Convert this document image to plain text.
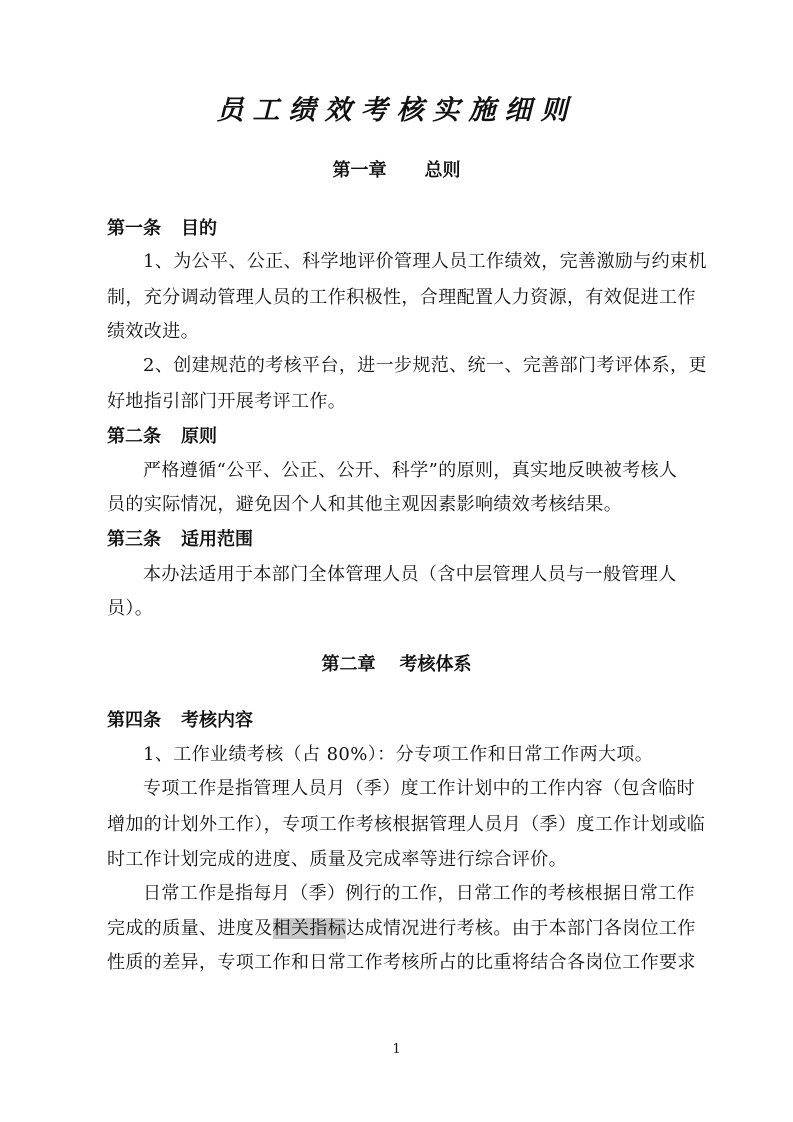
员工绩效考核实施细则
第一章 总则
第一条 目的
1、为公平、公正、科学地评价管理人员工作绩效，完善激励与约束机
制，充分调动管理人员的工作积极性，合理配置人力资源，有效促进工作
绩效改进。
2、创建规范的考核平台，进一步规范、统一、完善部门考评体系，更
好地指引部门开展考评工作。
第二条 原则
严格遵循“公平、公正、公开、科学”的原则，真实地反映被考核人
员的实际情况，避免因个人和其他主观因素影响绩效考核结果。
第三条 适用范围
本办法适用于本部门全体管理人员（含中层管理人员与一般管理人
员）。
第二章 考核体系
第四条 考核内容
1、工作业绩考核（占 80%）：分专项工作和日常工作两大项。
专项工作是指管理人员月（季）度工作计划中的工作内容（包含临时
增加的计划外工作），专项工作考核根据管理人员月（季）度工作计划或临
时工作计划完成的进度、质量及完成率等进行综合评价。
日常工作是指每月（季）例行的工作，日常工作的考核根据日常工作
完成的质量、进度及相关指标达成情况进行考核。由于本部门各岗位工作
性质的差异，专项工作和日常工作考核所占的比重将结合各岗位工作要求
1
